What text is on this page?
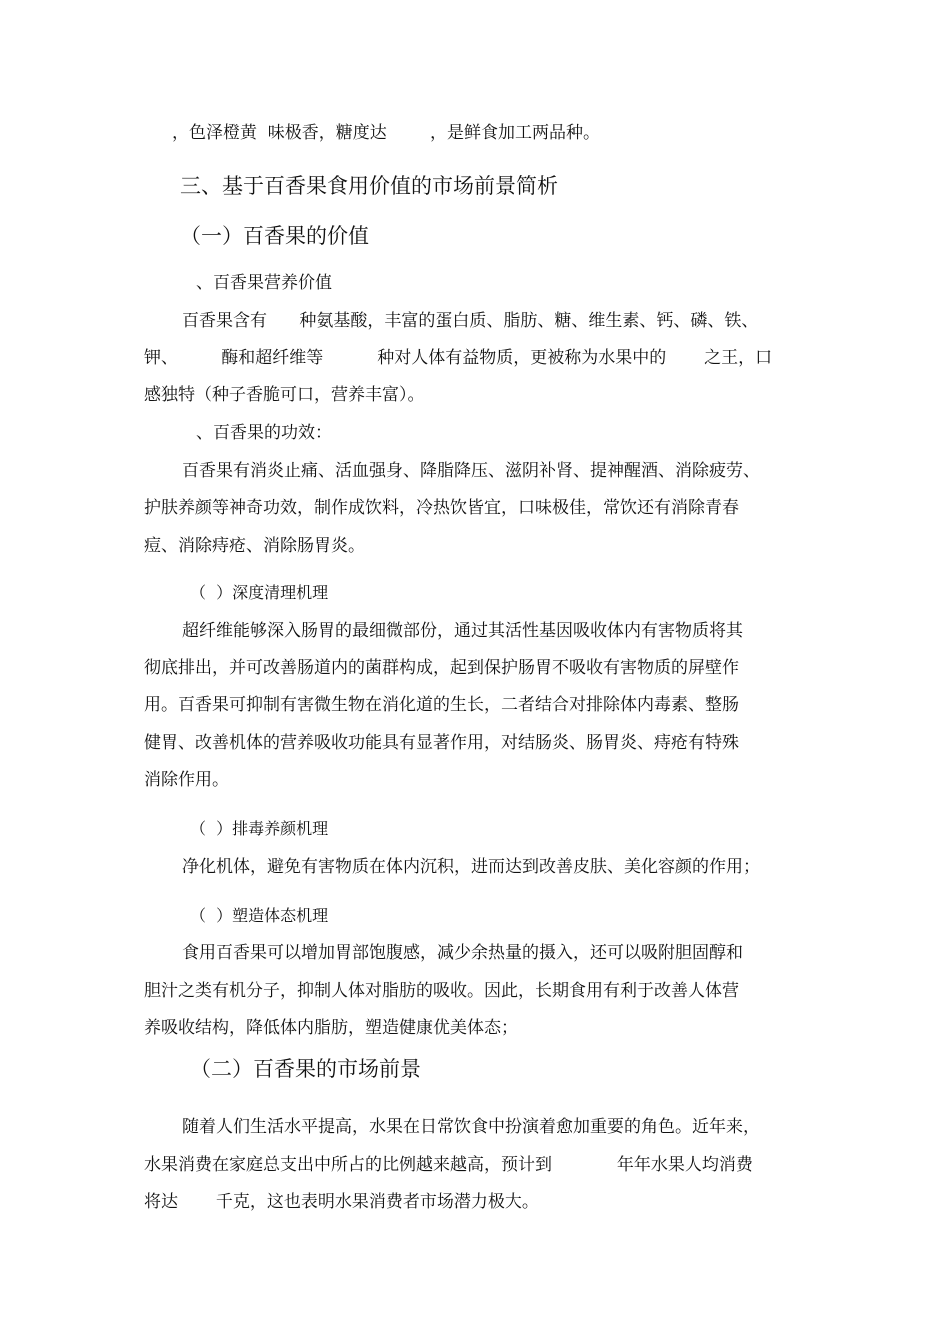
，色泽橙黄  味极香，糖度达        ，是鲜食加工两品种。

三、基于百香果食用价值的市场前景简析

（一）百香果的价值

、百香果营养价值

百香果含有      种氨基酸，丰富的蛋白质、脂肪、糖、维生素、钙、磷、铁、

钾、        酶和超纤维等          种对人体有益物质，更被称为水果中的       之王，口

感独特（种子香脆可口，营养丰富）。

、百香果的功效：

百香果有消炎止痛、活血强身、降脂降压、滋阴补肾、提神醒酒、消除疲劳、

护肤养颜等神奇功效，制作成饮料，冷热饮皆宜，口味极佳，常饮还有消除青春

痘、消除痔疮、消除肠胃炎。

（  ）深度清理机理

超纤维能够深入肠胃的最细微部份，通过其活性基因吸收体内有害物质将其

彻底排出，并可改善肠道内的菌群构成，起到保护肠胃不吸收有害物质的屏壁作

用。百香果可抑制有害微生物在消化道的生长，二者结合对排除体内毒素、整肠

健胃、改善机体的营养吸收功能具有显著作用，对结肠炎、肠胃炎、痔疮有特殊

消除作用。

（  ）排毒养颜机理

净化机体，避免有害物质在体内沉积，进而达到改善皮肤、美化容颜的作用；

（  ）塑造体态机理

食用百香果可以增加胃部饱腹感，减少余热量的摄入，还可以吸附胆固醇和

胆汁之类有机分子，抑制人体对脂肪的吸收。因此，长期食用有利于改善人体营

养吸收结构，降低体内脂肪，塑造健康优美体态；

（二）百香果的市场前景

随着人们生活水平提高，水果在日常饮食中扮演着愈加重要的角色。近年来，

水果消费在家庭总支出中所占的比例越来越高，预计到            年年水果人均消费

将达       千克，这也表明水果消费者市场潜力极大。
